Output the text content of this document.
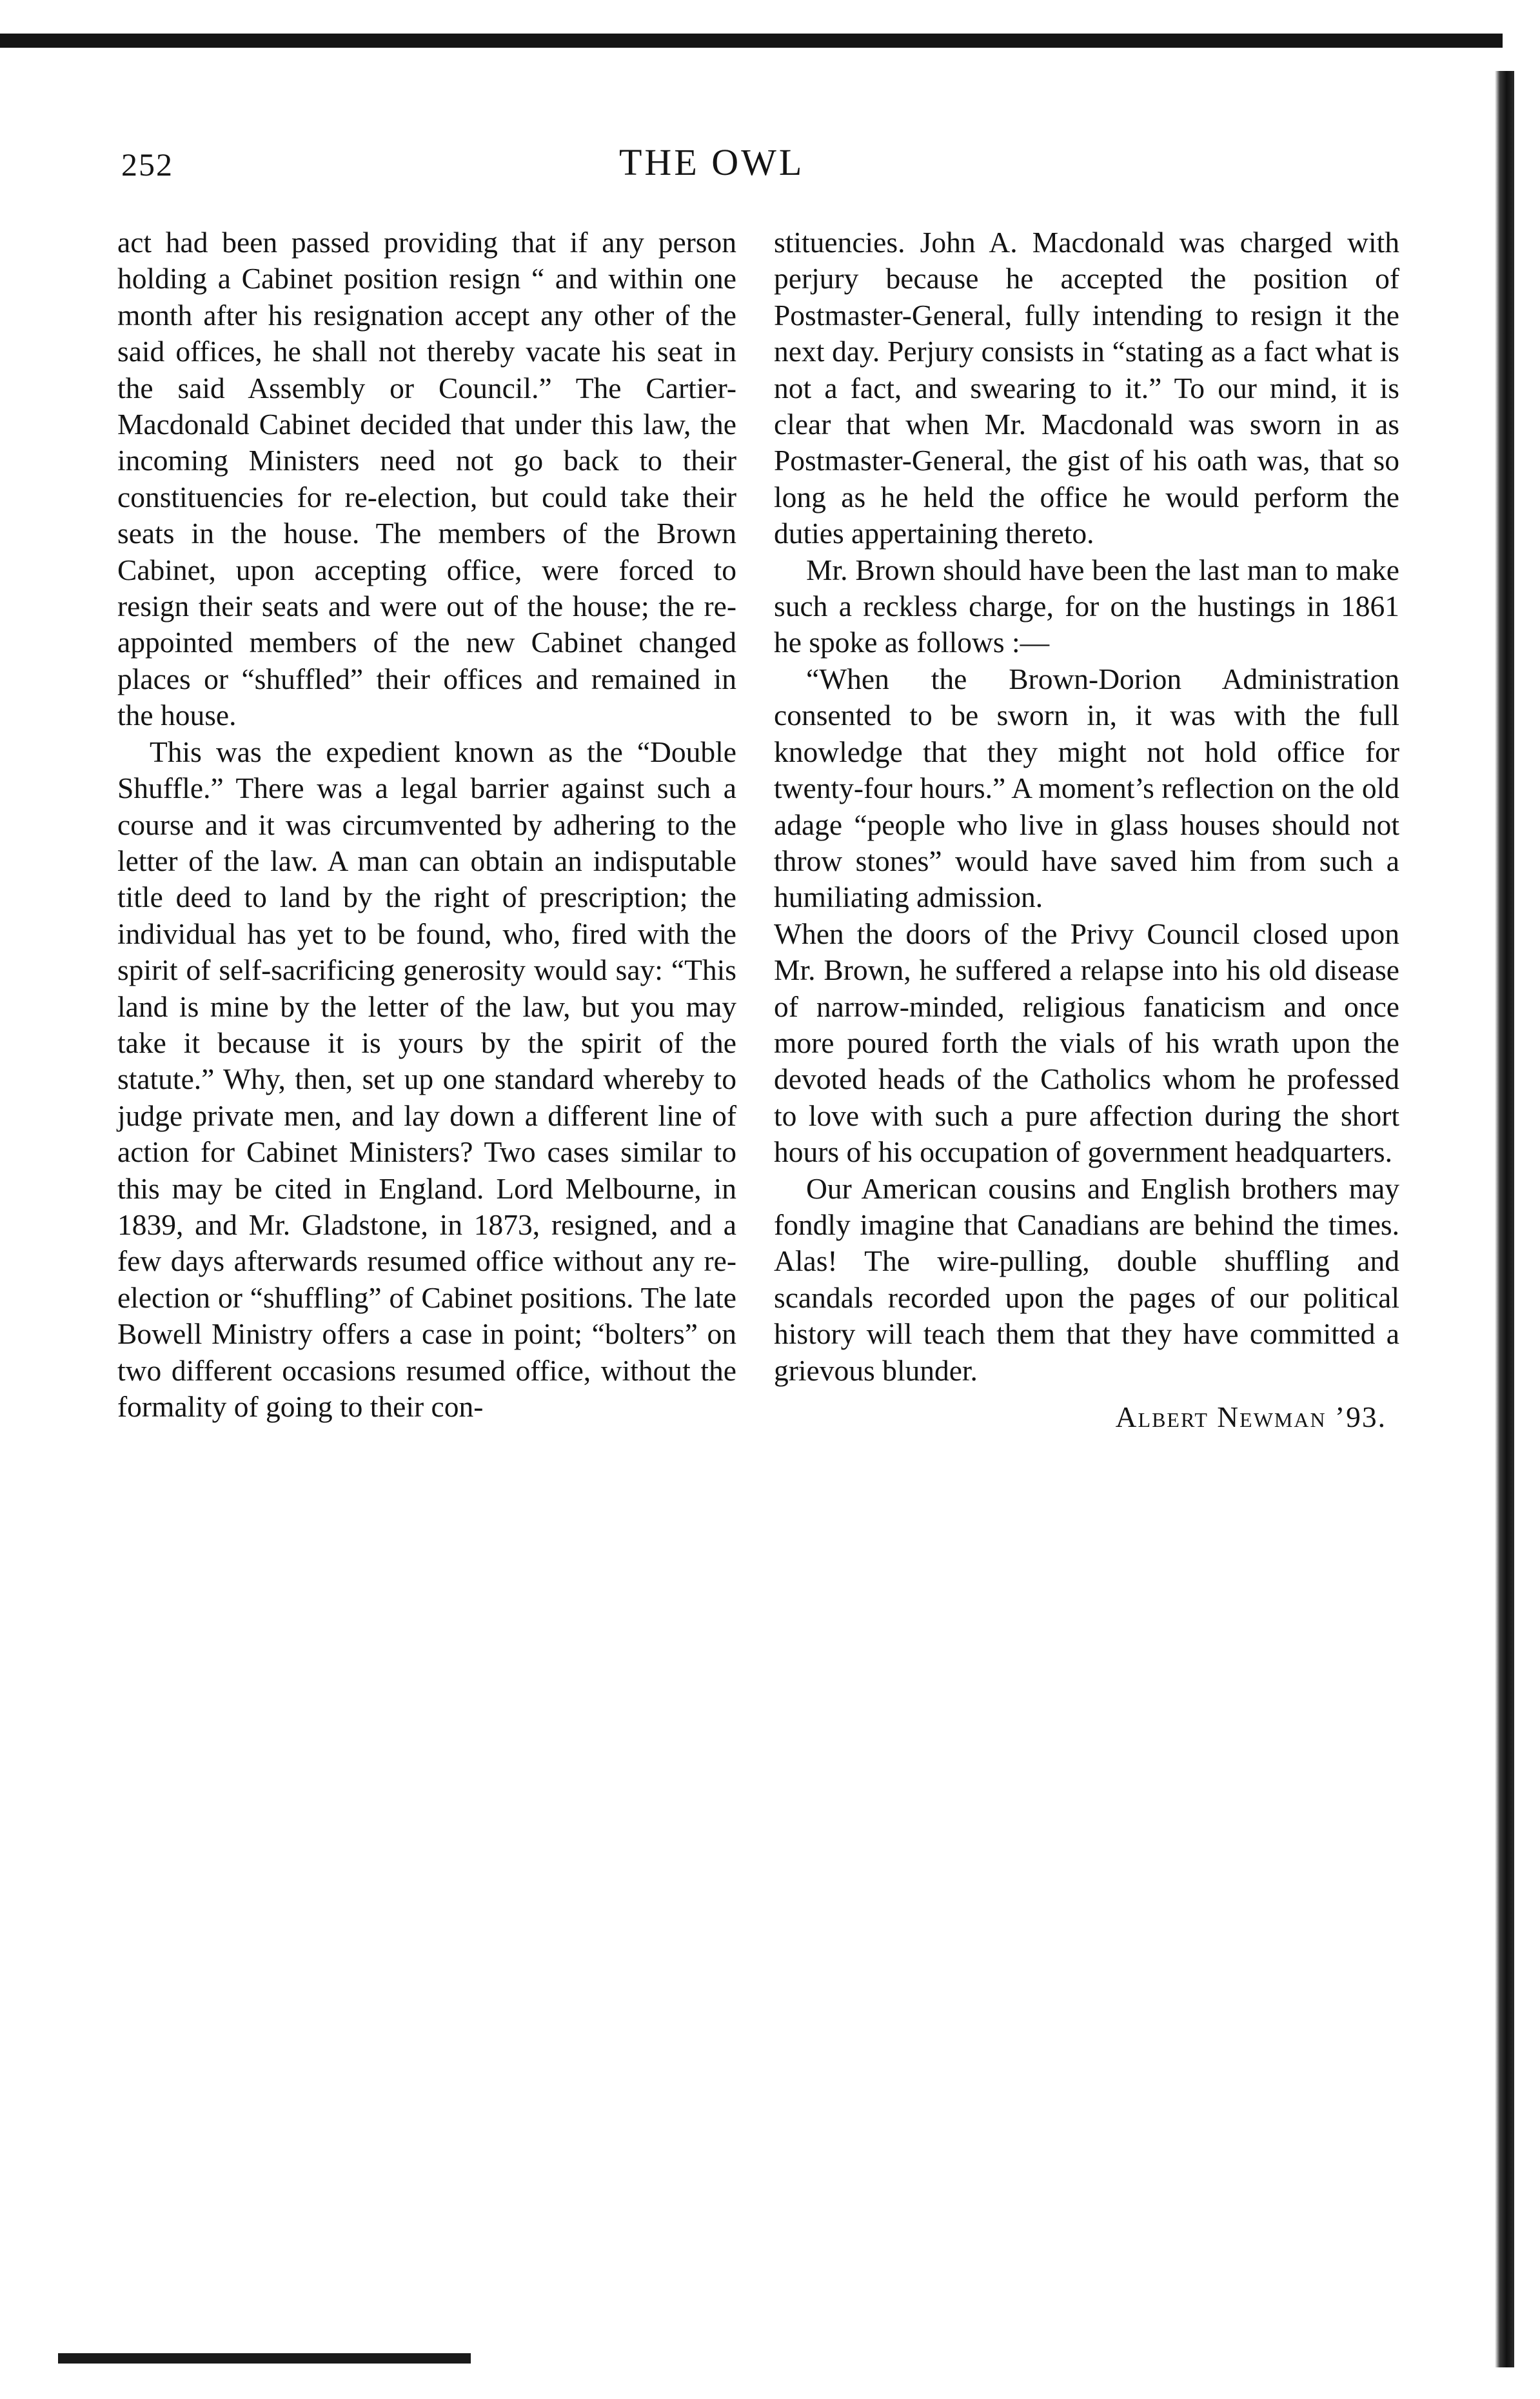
252	THE OWL

act had been passed providing that if any person holding a Cabinet position resign “ and within one month after his resignation accept any other of the said offices, he shall not thereby vacate his seat in the said Assembly or Council.” The Cartier-Macdonald Cabinet decided that under this law, the incoming Ministers need not go back to their constituencies for re-election, but could take their seats in the house. The members of the Brown Cabinet, upon accepting office, were forced to resign their seats and were out of the house; the re-appointed members of the new Cabinet changed places or “shuffled” their offices and remained in the house.

This was the expedient known as the “Double Shuffle.” There was a legal barrier against such a course and it was circumvented by adhering to the letter of the law. A man can obtain an indisputable title deed to land by the right of prescription; the individual has yet to be found, who, fired with the spirit of self-sacrificing generosity would say: “This land is mine by the letter of the law, but you may take it because it is yours by the spirit of the statute.” Why, then, set up one standard whereby to judge private men, and lay down a different line of action for Cabinet Ministers? Two cases similar to this may be cited in England. Lord Melbourne, in 1839, and Mr. Gladstone, in 1873, resigned, and a few days afterwards resumed office without any re-election or “shuffling” of Cabinet positions. The late Bowell Ministry offers a case in point; “bolters” on two different occasions resumed office, without the formality of going to their con-

stituencies. John A. Macdonald was charged with perjury because he accepted the position of Postmaster-General, fully intending to resign it the next day. Perjury consists in “stating as a fact what is not a fact, and swearing to it.” To our mind, it is clear that when Mr. Macdonald was sworn in as Postmaster-General, the gist of his oath was, that so long as he held the office he would perform the duties appertaining thereto.

Mr. Brown should have been the last man to make such a reckless charge, for on the hustings in 1861 he spoke as follows :—

“When the Brown-Dorion Administration consented to be sworn in, it was with the full knowledge that they might not hold office for twenty-four hours.” A moment’s reflection on the old adage “people who live in glass houses should not throw stones” would have saved him from such a humiliating admission.

When the doors of the Privy Council closed upon Mr. Brown, he suffered a relapse into his old disease of narrow-minded, religious fanaticism and once more poured forth the vials of his wrath upon the devoted heads of the Catholics whom he professed to love with such a pure affection during the short hours of his occupation of government headquarters.

Our American cousins and English brothers may fondly imagine that Canadians are behind the times. Alas! The wire-pulling, double shuffling and scandals recorded upon the pages of our political history will teach them that they have committed a grievous blunder.

Albert Newman ’93.
